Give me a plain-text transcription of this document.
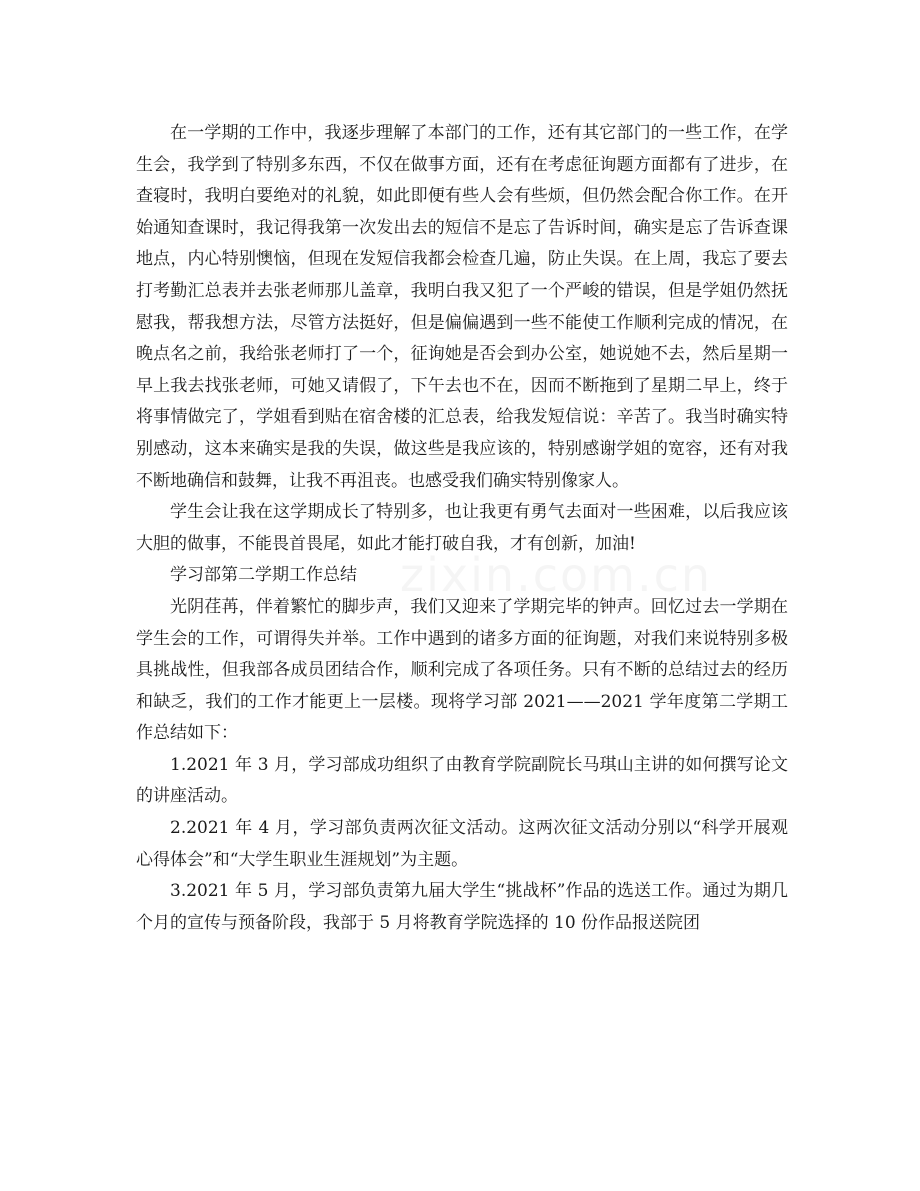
在一学期的工作中，我逐步理解了本部门的工作，还有其它部门的一些工作，在学生会，我学到了特别多东西，不仅在做事方面，还有在考虑征询题方面都有了进步，在查寝时，我明白要绝对的礼貌，如此即便有些人会有些烦，但仍然会配合你工作。在开始通知查课时，我记得我第一次发出去的短信不是忘了告诉时间，确实是忘了告诉查课地点，内心特别懊恼，但现在发短信我都会检查几遍，防止失误。在上周，我忘了要去打考勤汇总表并去张老师那儿盖章，我明白我又犯了一个严峻的错误，但是学姐仍然抚慰我，帮我想方法，尽管方法挺好，但是偏偏遇到一些不能使工作顺利完成的情况，在晚点名之前，我给张老师打了一个，征询她是否会到办公室，她说她不去，然后星期一早上我去找张老师，可她又请假了，下午去也不在，因而不断拖到了星期二早上，终于将事情做完了，学姐看到贴在宿舍楼的汇总表，给我发短信说：辛苦了。我当时确实特别感动，这本来确实是我的失误，做这些是我应该的，特别感谢学姐的宽容，还有对我不断地确信和鼓舞，让我不再沮丧。也感受我们确实特别像家人。

学生会让我在这学期成长了特别多，也让我更有勇气去面对一些困难，以后我应该大胆的做事，不能畏首畏尾，如此才能打破自我，才有创新，加油!

学习部第二学期工作总结

光阴荏苒，伴着繁忙的脚步声，我们又迎来了学期完毕的钟声。回忆过去一学期在学生会的工作，可谓得失并举。工作中遇到的诸多方面的征询题，对我们来说特别多极具挑战性，但我部各成员团结合作，顺利完成了各项任务。只有不断的总结过去的经历和缺乏，我们的工作才能更上一层楼。现将学习部 2021——2021 学年度第二学期工作总结如下：

1.2021 年 3 月，学习部成功组织了由教育学院副院长马琪山主讲的如何撰写论文的讲座活动。

2.2021 年 4 月，学习部负责两次征文活动。这两次征文活动分别以“科学开展观心得体会”和“大学生职业生涯规划”为主题。

3.2021 年 5 月，学习部负责第九届大学生“挑战杯”作品的选送工作。通过为期几个月的宣传与预备阶段，我部于 5 月将教育学院选择的 10 份作品报送院团

zixin.com.cn
